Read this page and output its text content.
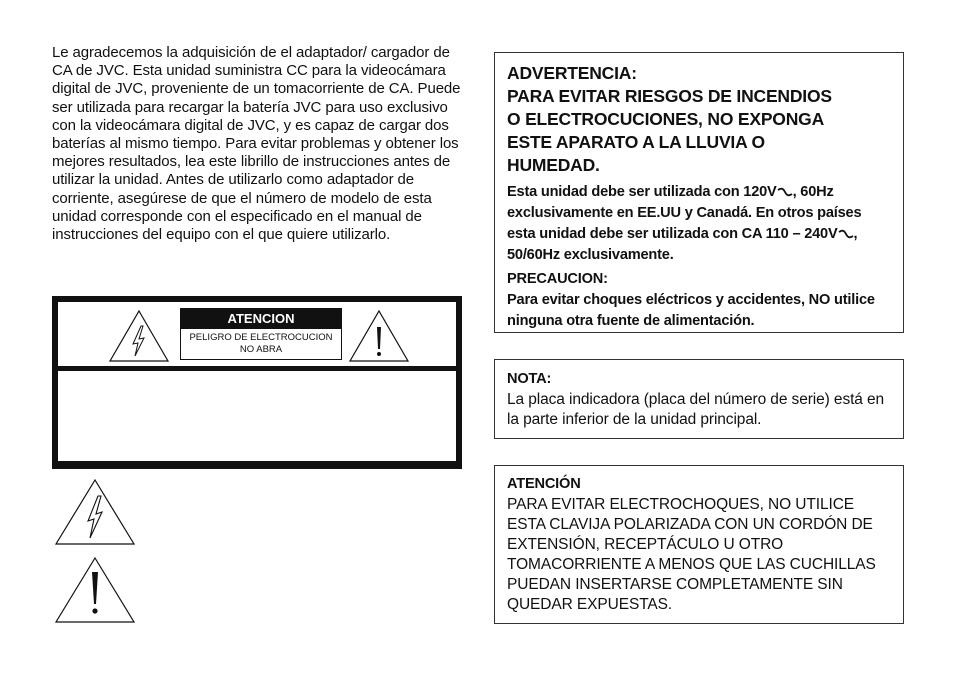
Le agradecemos la adquisición de el adaptador/ cargador de CA de JVC. Esta unidad suministra CC para la videocámara digital de JVC, proveniente de un tomacorriente de CA. Puede ser utilizada para recargar la batería JVC para uso exclusivo con la videocámara digital de JVC, y es capaz de cargar dos baterías al mismo tiempo. Para evitar problemas y obtener los mejores resultados, lea este librillo de instrucciones antes de utilizar la unidad. Antes de utilizarlo como adaptador de corriente, asegúrese de que el número de modelo de esta unidad corresponde con el especificado en el manual de instrucciones del equipo con el que quiere utilizarlo.

ATENCION
PELIGRO DE ELECTROCUCION
NO ABRA
ADVERTENCIA:
PARA EVITAR RIESGOS DE INCENDIOS
O ELECTROCUCIONES, NO EXPONGA
ESTE APARATO A LA LLUVIA O
HUMEDAD.

Esta unidad debe ser utilizada con 120V , 60Hz exclusivamente en EE.UU y Canadá. En otros países esta unidad debe ser utilizada con CA 110 – 240V , 50/60Hz exclusivamente.

PRECAUCION:
Para evitar choques eléctricos y accidentes, NO utilice ninguna otra fuente de alimentación.

NOTA:

La placa indicadora (placa del número de serie) está en la parte inferior de la unidad principal.

ATENCIÓN

PARA EVITAR ELECTROCHOQUES, NO UTILICE ESTA CLAVIJA POLARIZADA CON UN CORDÓN DE EXTENSIÓN, RECEPTÁCULO U OTRO TOMACORRIENTE A MENOS QUE LAS CUCHILLAS PUEDAN INSERTARSE COMPLETAMENTE SIN QUEDAR EXPUESTAS.
